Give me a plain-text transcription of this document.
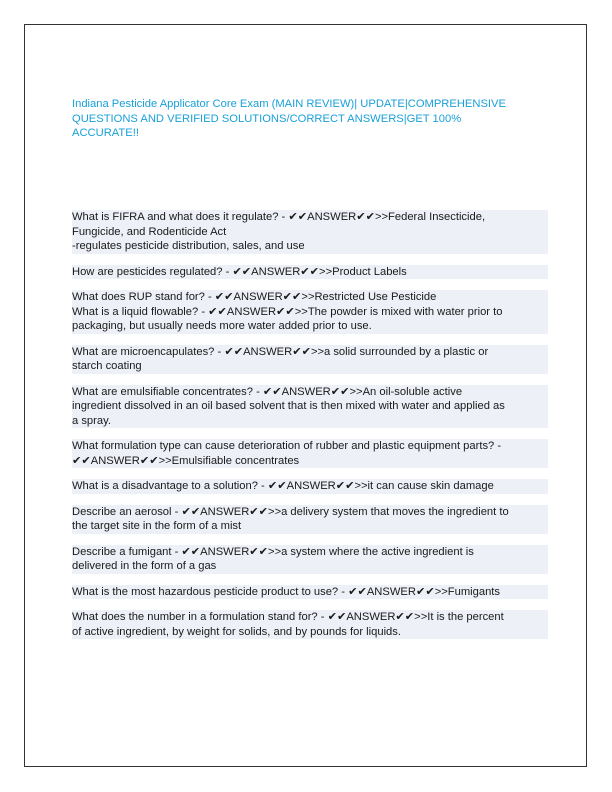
Indiana Pesticide Applicator Core Exam (MAIN REVIEW)| UPDATE|COMPREHENSIVE
QUESTIONS AND VERIFIED SOLUTIONS/CORRECT ANSWERS|GET 100%
ACCURATE!!
What is FIFRA and what does it regulate? - ✔✔ANSWER✔✔>>Federal Insecticide,
Fungicide, and Rodenticide Act
-regulates pesticide distribution, sales, and use
How are pesticides regulated? - ✔✔ANSWER✔✔>>Product Labels
What does RUP stand for? - ✔✔ANSWER✔✔>>Restricted Use Pesticide
What is a liquid flowable? - ✔✔ANSWER✔✔>>The powder is mixed with water prior to
packaging, but usually needs more water added prior to use.
What are microencapulates? - ✔✔ANSWER✔✔>>a solid surrounded by a plastic or
starch coating
What are emulsifiable concentrates? - ✔✔ANSWER✔✔>>An oil-soluble active
ingredient dissolved in an oil based solvent that is then mixed with water and applied as
a spray.
What formulation type can cause deterioration of rubber and plastic equipment parts? -
✔✔ANSWER✔✔>>Emulsifiable concentrates
What is a disadvantage to a solution? - ✔✔ANSWER✔✔>>it can cause skin damage
Describe an aerosol - ✔✔ANSWER✔✔>>a delivery system that moves the ingredient to
the target site in the form of a mist
Describe a fumigant - ✔✔ANSWER✔✔>>a system where the active ingredient is
delivered in the form of a gas
What is the most hazardous pesticide product to use? - ✔✔ANSWER✔✔>>Fumigants
What does the number in a formulation stand for? - ✔✔ANSWER✔✔>>It is the percent
of active ingredient, by weight for solids, and by pounds for liquids.
